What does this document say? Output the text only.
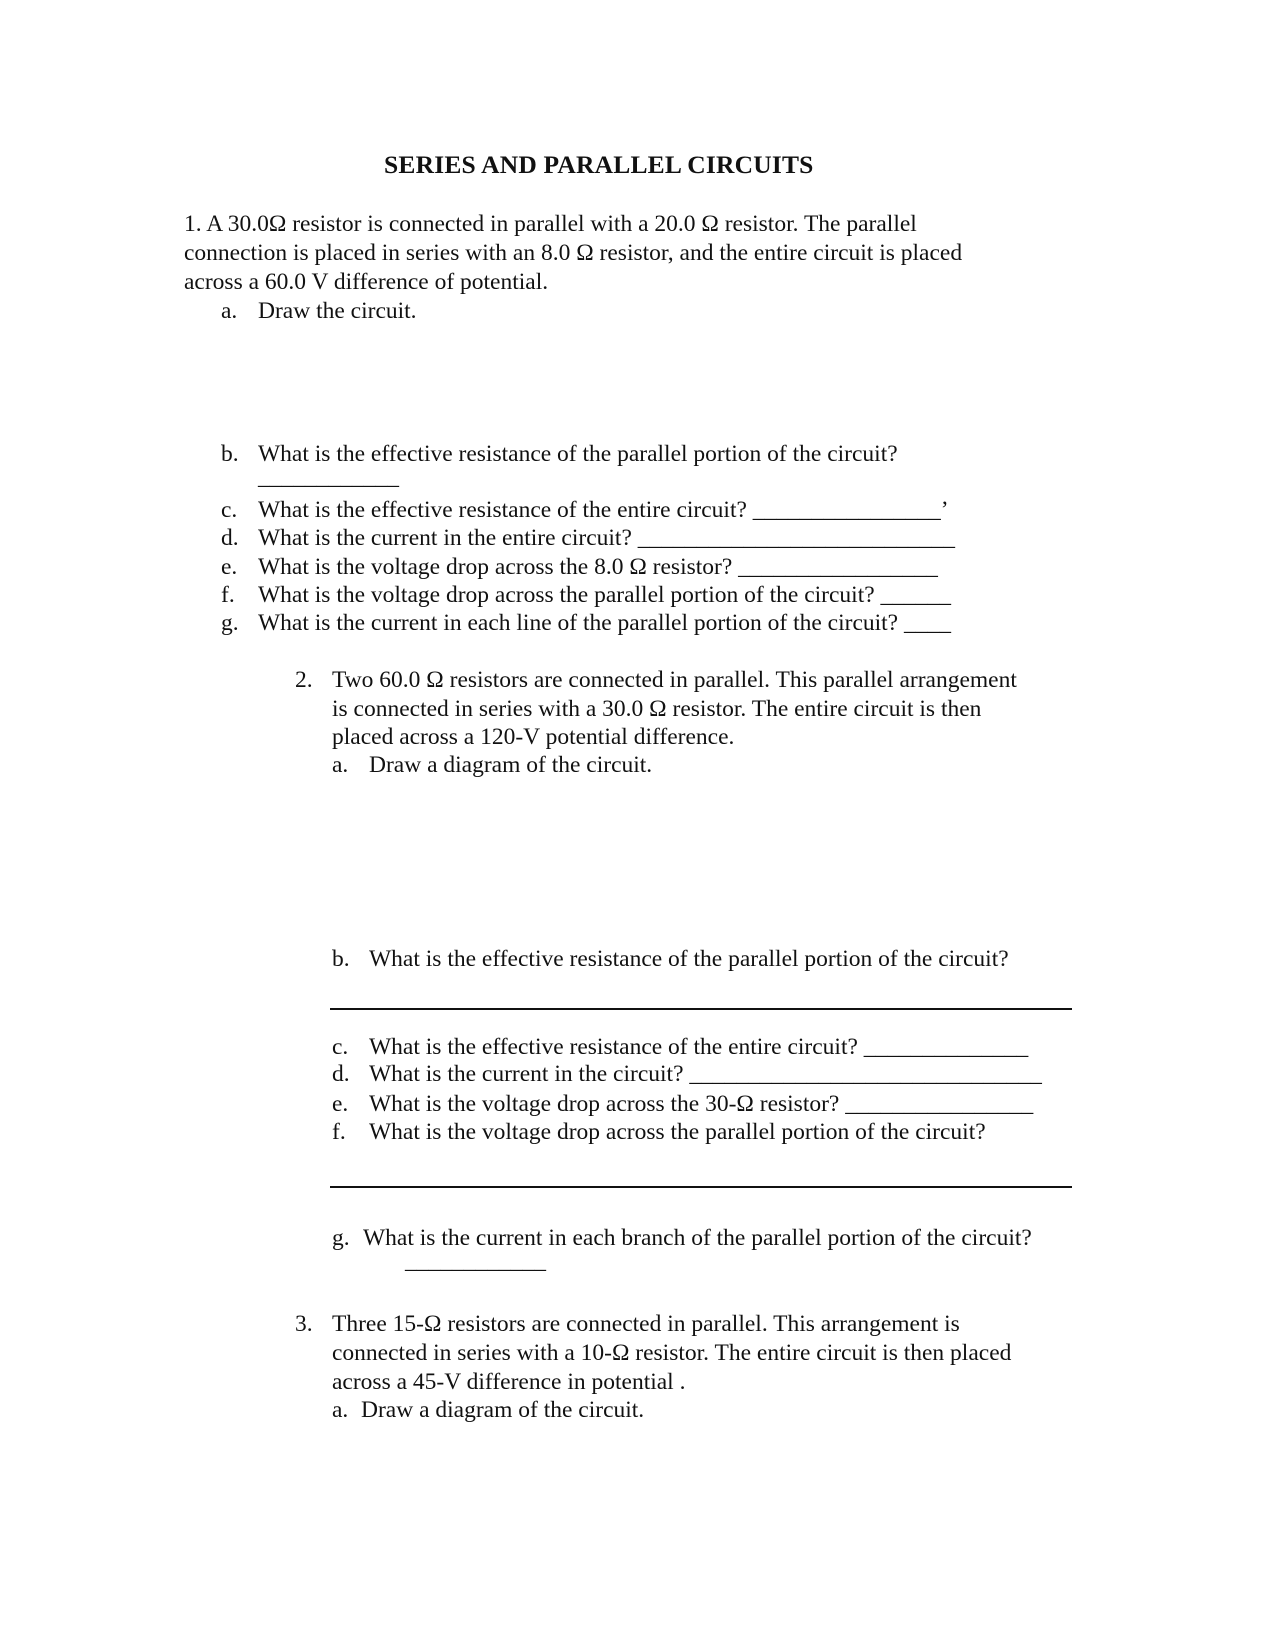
SERIES AND PARALLEL CIRCUITS
1. A 30.0Ω resistor is connected in parallel with a 20.0 Ω resistor. The parallel
connection is placed in series with an 8.0 Ω resistor, and the entire circuit is placed
across a 60.0 V difference of potential.
a. Draw the circuit.
b. What is the effective resistance of the parallel portion of the circuit?
____________
c. What is the effective resistance of the entire circuit? ________________’
d. What is the current in the entire circuit? ___________________________
e. What is the voltage drop across the 8.0 Ω resistor? _________________
f. What is the voltage drop across the parallel portion of the circuit? ______
g. What is the current in each line of the parallel portion of the circuit? ____
2. Two 60.0 Ω resistors are connected in parallel. This parallel arrangement
is connected in series with a 30.0 Ω resistor. The entire circuit is then
placed across a 120-V potential difference.
a. Draw a diagram of the circuit.
b. What is the effective resistance of the parallel portion of the circuit?
c. What is the effective resistance of the entire circuit? ______________
d. What is the current in the circuit? ______________________________
e. What is the voltage drop across the 30-Ω resistor? ________________
f. What is the voltage drop across the parallel portion of the circuit?
g. What is the current in each branch of the parallel portion of the circuit?
____________
3. Three 15-Ω resistors are connected in parallel. This arrangement is
connected in series with a 10-Ω resistor. The entire circuit is then placed
across a 45-V difference in potential .
a. Draw a diagram of the circuit.
